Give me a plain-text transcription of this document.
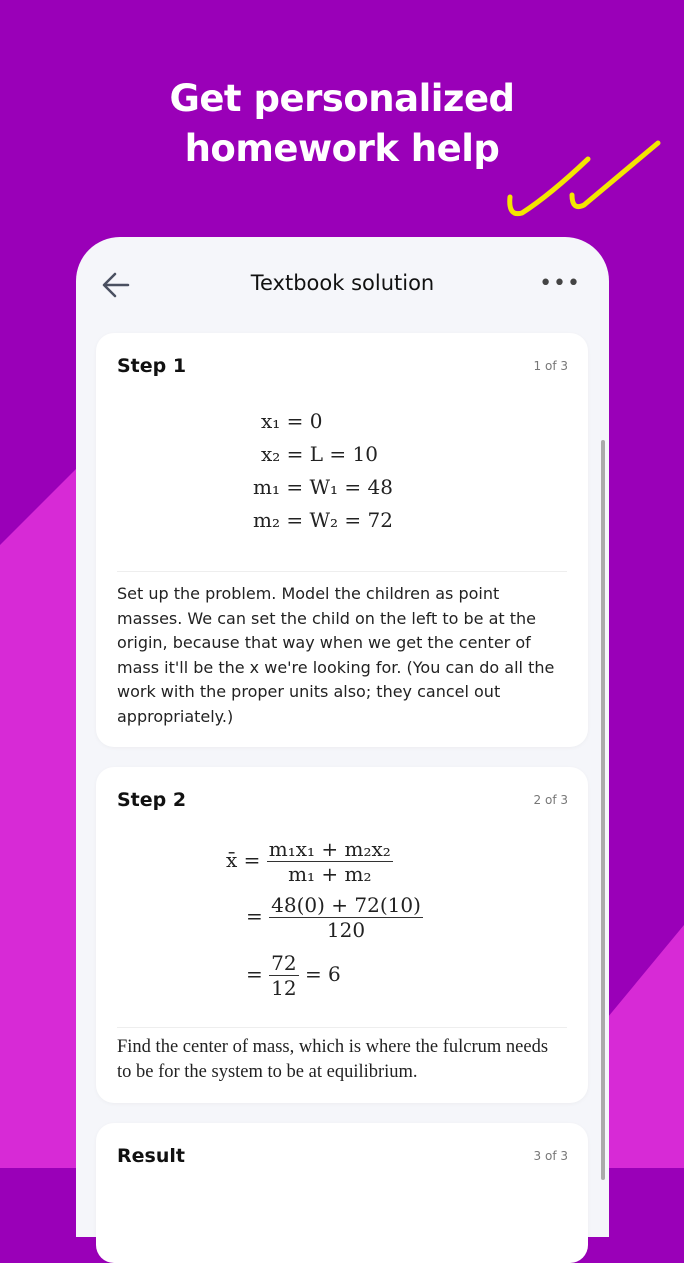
Get personalized
homework help
Textbook solution	•••
Step 1	1 of 3
x₁ = 0
x₂ = L = 10
m₁ = W₁ = 48
m₂ = W₂ = 72
Set up the problem. Model the children as point masses. We can set the child on the left to be at the origin, because that way when we get the center of mass it'll be the x we're looking for. (You can do all the work with the proper units also; they cancel out appropriately.)
Step 2	2 of 3
x̄ = $\frac{\text{m₁x₁ + m₂x₂}}{\text{m₁ + m₂}}$
= $\frac{48(0) + 72(10)}{120}$
= $\frac{72}{12} = 6$
Find the center of mass, which is where the fulcrum needs to be for the system to be at equilibrium.
Result	3 of 3
